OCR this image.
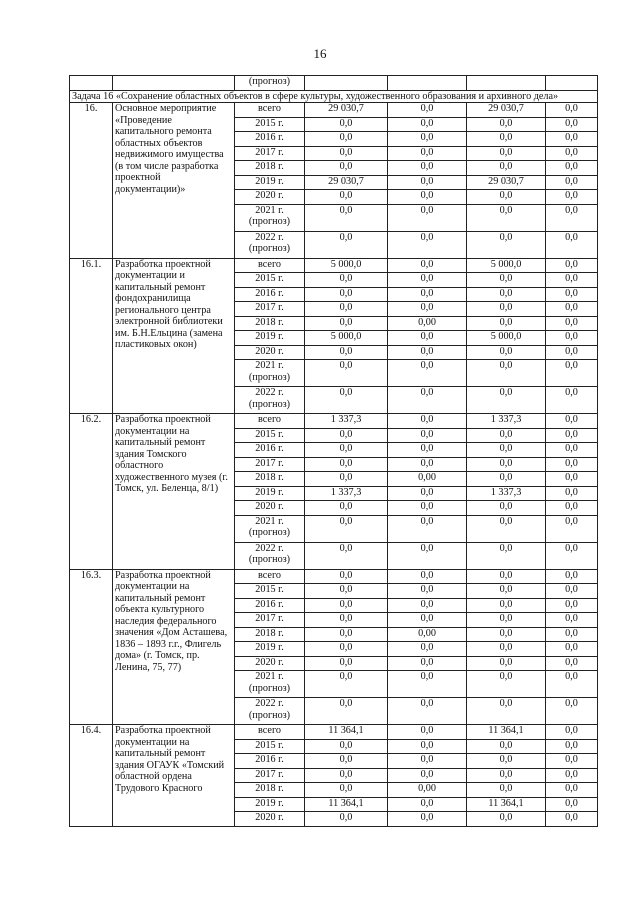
16
		(прогноз)				
Задача 16 «Сохранение областных объектов в сфере культуры, художественного образования и архивного дела»						
16.	Основное мероприятие «Проведение капитального ремонта областных объектов недвижимого имущества (в том числе разработка проектной документации)»	всего	29 030,7	0,0	29 030,7	0,0
		2015 г.	0,0	0,0	0,0	0,0
		2016 г.	0,0	0,0	0,0	0,0
		2017 г.	0,0	0,0	0,0	0,0
		2018 г.	0,0	0,0	0,0	0,0
		2019 г.	29 030,7	0,0	29 030,7	0,0
		2020 г.	0,0	0,0	0,0	0,0
		2021 г. (прогноз)	0,0	0,0	0,0	0,0
		2022 г. (прогноз)	0,0	0,0	0,0	0,0
16.1.	Разработка проектной документации и капитальный ремонт фондохранилища регионального центра электронной библиотеки им. Б.Н.Ельцина (замена пластиковых окон)	всего	5 000,0	0,0	5 000,0	0,0
		2015 г.	0,0	0,0	0,0	0,0
		2016 г.	0,0	0,0	0,0	0,0
		2017 г.	0,0	0,0	0,0	0,0
		2018 г.	0,0	0,00	0,0	0,0
		2019 г.	5 000,0	0,0	5 000,0	0,0
		2020 г.	0,0	0,0	0,0	0,0
		2021 г. (прогноз)	0,0	0,0	0,0	0,0
		2022 г. (прогноз)	0,0	0,0	0,0	0,0
16.2.	Разработка проектной документации на капитальный ремонт здания Томского областного художественного музея (г. Томск, ул. Беленца, 8/1)	всего	1 337,3	0,0	1 337,3	0,0
		2015 г.	0,0	0,0	0,0	0,0
		2016 г.	0,0	0,0	0,0	0,0
		2017 г.	0,0	0,0	0,0	0,0
		2018 г.	0,0	0,00	0,0	0,0
		2019 г.	1 337,3	0,0	1 337,3	0,0
		2020 г.	0,0	0,0	0,0	0,0
		2021 г. (прогноз)	0,0	0,0	0,0	0,0
		2022 г. (прогноз)	0,0	0,0	0,0	0,0
16.3.	Разработка проектной документации на капитальный ремонт объекта культурного наследия федерального значения «Дом Асташева, 1836 – 1893 г.г., Флигель дома» (г. Томск, пр. Ленина, 75, 77)	всего	0,0	0,0	0,0	0,0
		2015 г.	0,0	0,0	0,0	0,0
		2016 г.	0,0	0,0	0,0	0,0
		2017 г.	0,0	0,0	0,0	0,0
		2018 г.	0,0	0,00	0,0	0,0
		2019 г.	0,0	0,0	0,0	0,0
		2020 г.	0,0	0,0	0,0	0,0
		2021 г. (прогноз)	0,0	0,0	0,0	0,0
		2022 г. (прогноз)	0,0	0,0	0,0	0,0
16.4.	Разработка проектной документации на капитальный ремонт здания ОГАУК «Томский областной ордена Трудового Красного	всего	11 364,1	0,0	11 364,1	0,0
		2015 г.	0,0	0,0	0,0	0,0
		2016 г.	0,0	0,0	0,0	0,0
		2017 г.	0,0	0,0	0,0	0,0
		2018 г.	0,0	0,00	0,0	0,0
		2019 г.	11 364,1	0,0	11 364,1	0,0
		2020 г.	0,0	0,0	0,0	0,0
